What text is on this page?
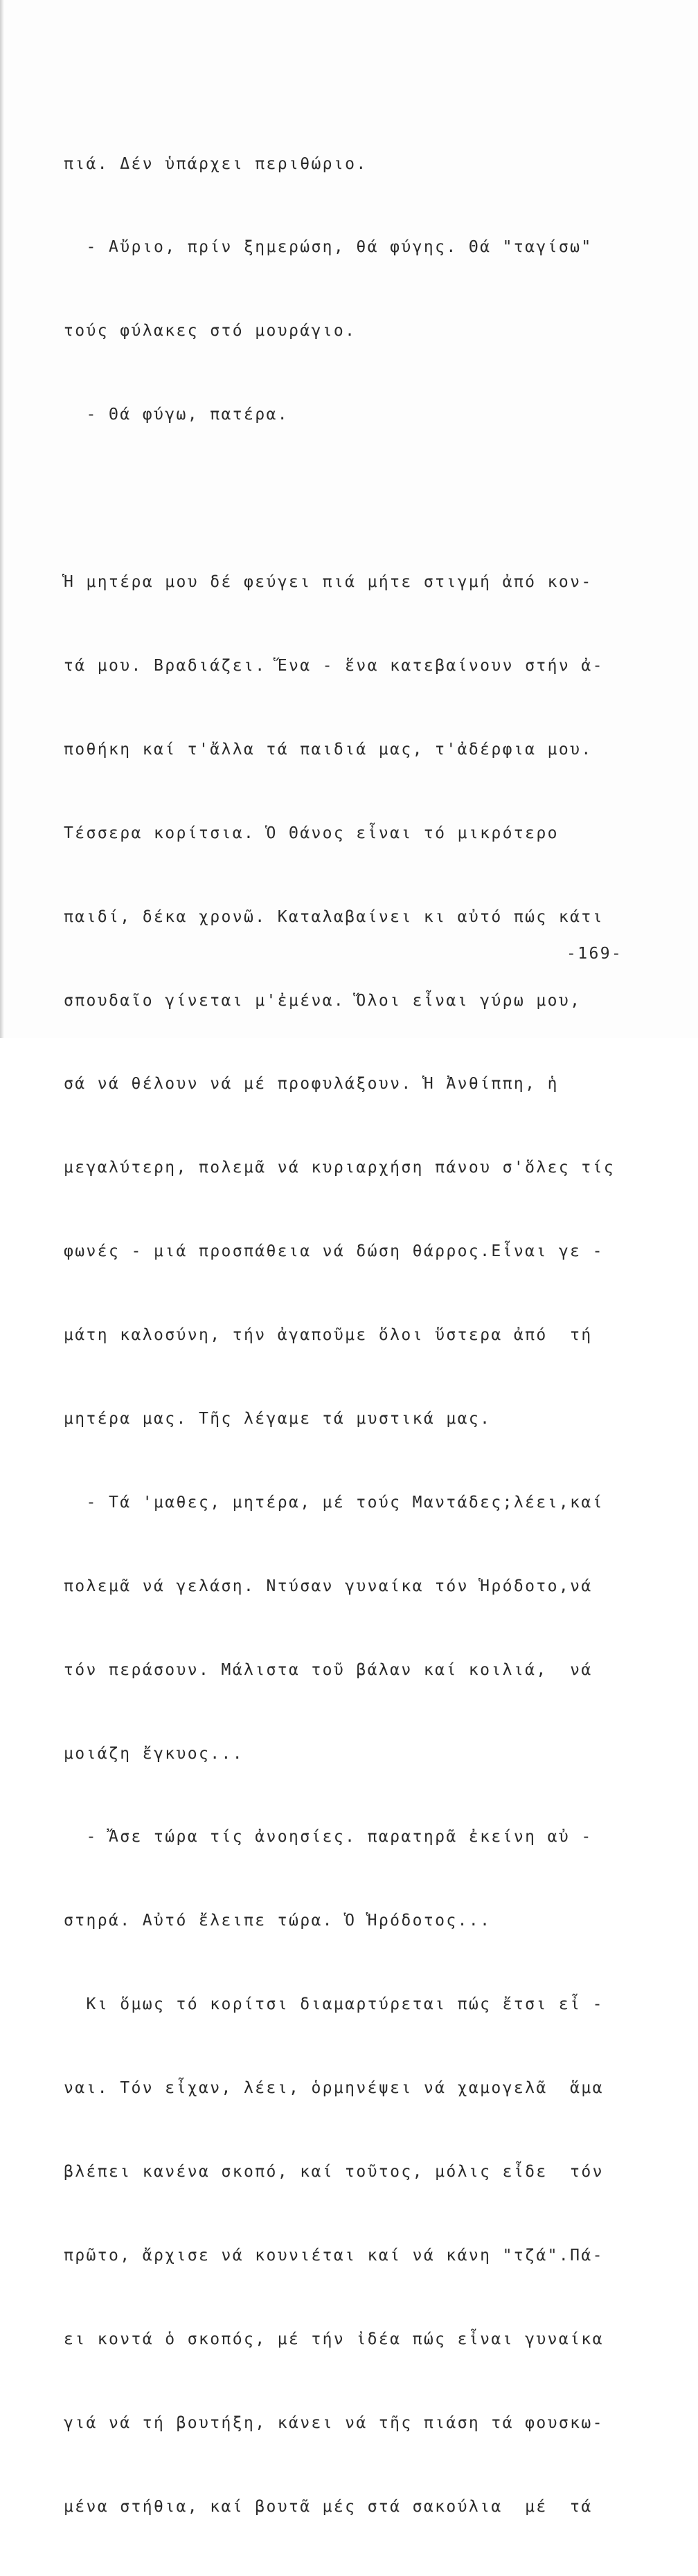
πιά. Δέν ὑπάρχει περιθώριο.

- Αὔριο, πρίν ξημερώση, θά φύγης. Θά "ταγίσω"

τούς φύλακες στό μουράγιο.

- Θά φύγω, πατέρα.

Ἡ μητέρα μου δέ φεύγει πιά μήτε στιγμή ἀπό κον-

τά μου. Βραδιάζει. Ἕνα - ἕνα κατεβαίνουν στήν ἀ-

ποθήκη καί τ'ἄλλα τά παιδιά μας, τ'ἀδέρφια μου.

Τέσσερα κορίτσια. Ὁ Θάνος εἶναι τό μικρότερο

παιδί, δέκα χρονῶ. Καταλαβαίνει κι αὐτό πώς κάτι

σπουδαῖο γίνεται μ'ἐμένα. Ὅλοι εἶναι γύρω μου,

σά νά θέλουν νά μέ προφυλάξουν. Ἡ Ἀνθίππη, ἡ

μεγαλύτερη, πολεμᾶ νά κυριαρχήση πάνου σ'ὅλες τίς

φωνές - μιά προσπάθεια νά δώση θάρρος.Εἶναι γε -

μάτη καλοσύνη, τήν ἀγαποῦμε ὅλοι ὕστερα ἀπό  τή

μητέρα μας. Τῆς λέγαμε τά μυστικά μας.

- Τά 'μαθες, μητέρα, μέ τούς Μαντάδες;λέει,καί

πολεμᾶ νά γελάση. Ντύσαν γυναίκα τόν Ἡρόδοτο,νά

τόν περάσουν. Μάλιστα τοῦ βάλαν καί κοιλιά,  νά

μοιάζη ἔγκυος...

- Ἄσε τώρα τίς ἀνοησίες. παρατηρᾶ ἐκείνη αὐ -

στηρά. Αὐτό ἔλειπε τώρα. Ὁ Ἡρόδοτος...

Κι ὅμως τό κορίτσι διαμαρτύρεται πώς ἔτσι εἶ -

ναι. Τόν εἶχαν, λέει, ὁρμηνέψει νά χαμογελᾶ  ἅμα

βλέπει κανένα σκοπό, καί τοῦτος, μόλις εἶδε  τόν

πρῶτο, ἄρχισε νά κουνιέται καί νά κάνη "τζά".Πά-

ει κοντά ὁ σκοπός, μέ τήν ἰδέα πώς εἶναι γυναίκα

γιά νά τή βουτήξη, κάνει νά τῆς πιάση τά φουσκω-

μένα στήθια, καί βουτᾶ μές στά σακούλια  μέ  τά

-169-
